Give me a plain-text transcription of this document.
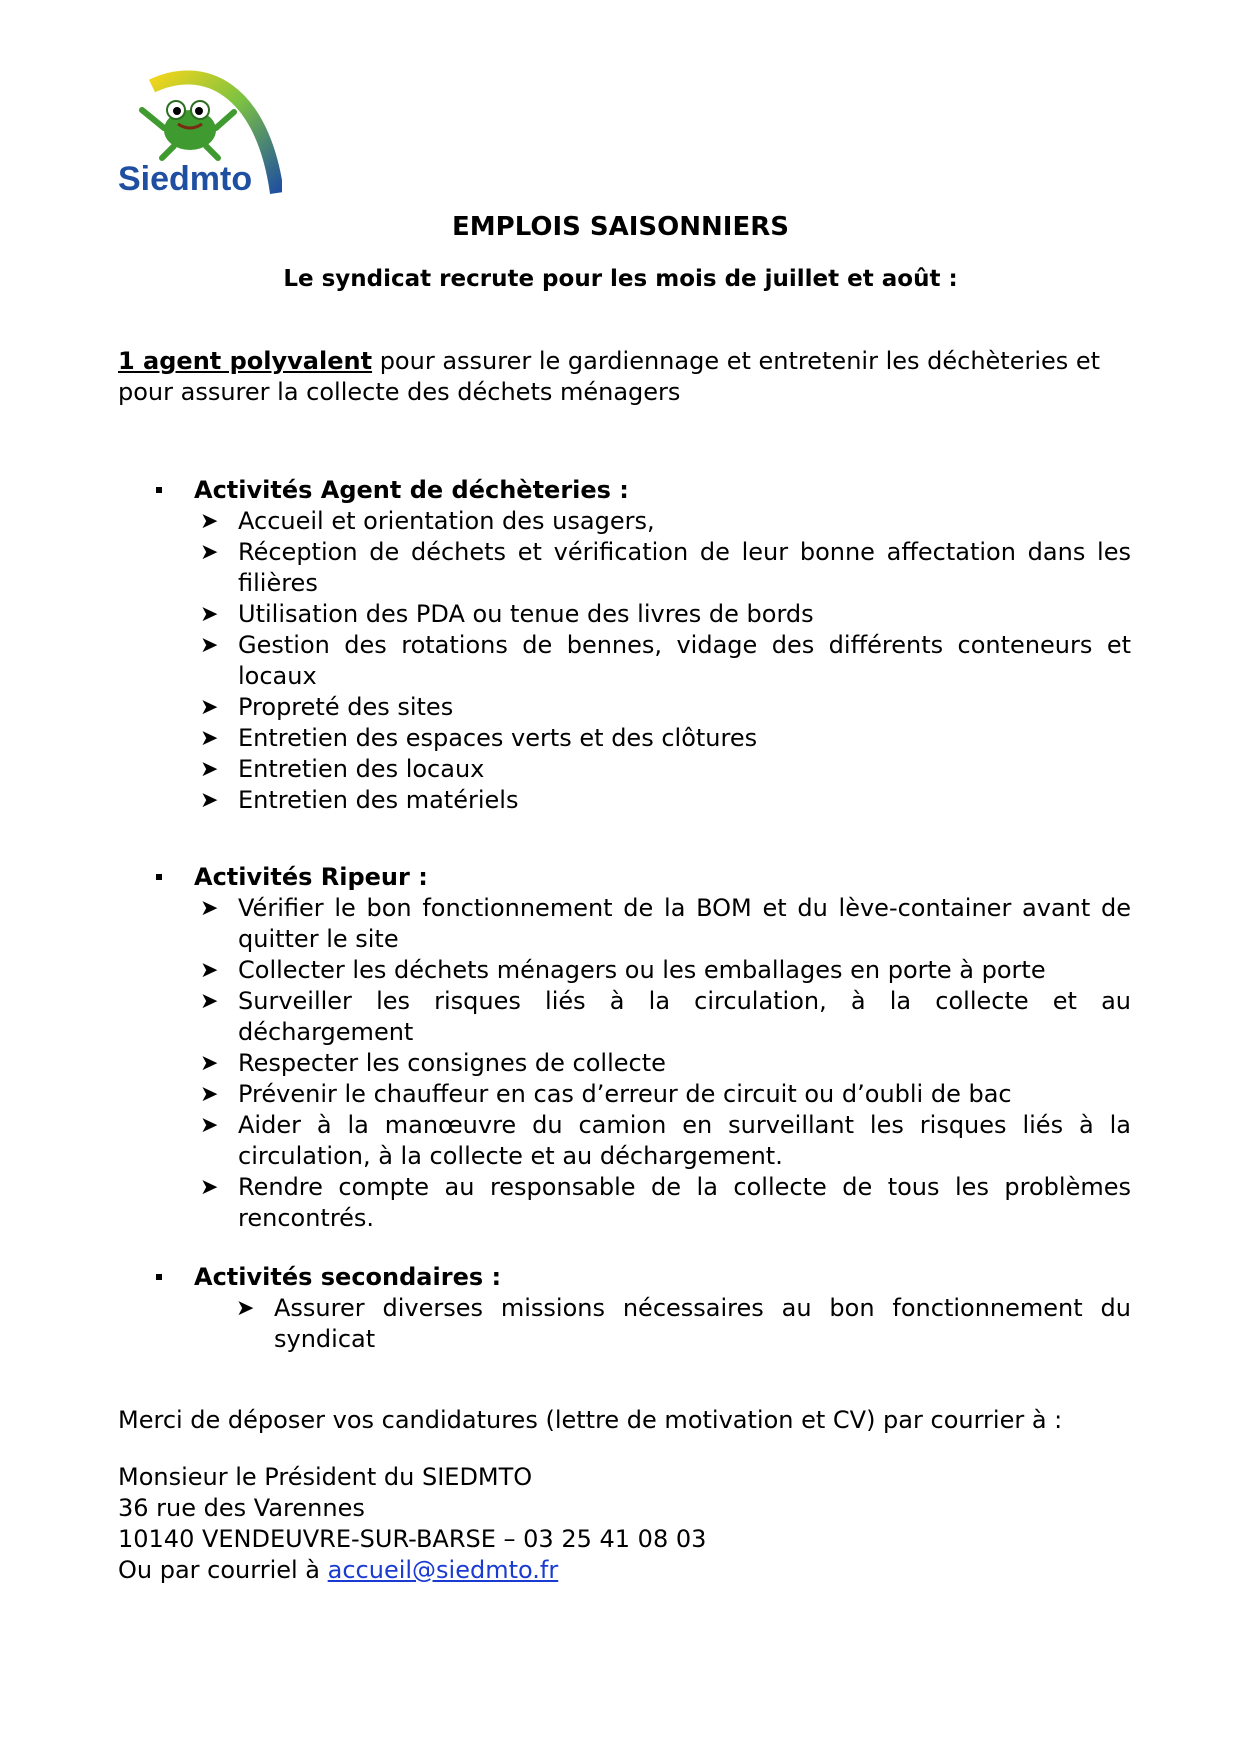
Siedmto
EMPLOIS SAISONNIERS
Le syndicat recrute pour les mois de juillet et août :
1 agent polyvalent pour assurer le gardiennage et entretenir les déchèteries et pour assurer la collecte des déchets ménagers
Activités Agent de déchèteries :
➤ Accueil et orientation des usagers,
➤ Réception de déchets et vérification de leur bonne affectation dans les filières
➤ Utilisation des PDA ou tenue des livres de bords
➤ Gestion des rotations de bennes, vidage des différents conteneurs et locaux
➤ Propreté des sites
➤ Entretien des espaces verts et des clôtures
➤ Entretien des locaux
➤ Entretien des matériels
Activités Ripeur :
➤ Vérifier le bon fonctionnement de la BOM et du lève-container avant de quitter le site
➤ Collecter les déchets ménagers ou les emballages en porte à porte
➤ Surveiller les risques liés à la circulation, à la collecte et au déchargement
➤ Respecter les consignes de collecte
➤ Prévenir le chauffeur en cas d’erreur de circuit ou d’oubli de bac
➤ Aider à la manœuvre du camion en surveillant les risques liés à la circulation, à la collecte et au déchargement.
➤ Rendre compte au responsable de la collecte de tous les problèmes rencontrés.
Activités secondaires :
➤ Assurer diverses missions nécessaires au bon fonctionnement du syndicat
Merci de déposer vos candidatures (lettre de motivation et CV) par courrier à :
Monsieur le Président du SIEDMTO
36 rue des Varennes
10140 VENDEUVRE-SUR-BARSE – 03 25 41 08 03
Ou par courriel à accueil@siedmto.fr
